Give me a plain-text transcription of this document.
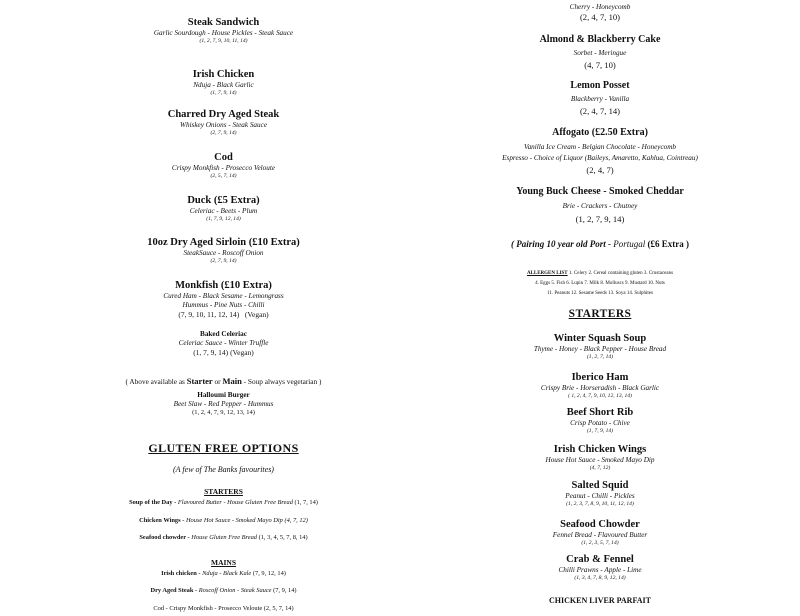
Steak Sandwich
Garlic Sourdough - House Pickles - Steak Sauce
(1, 2, 7, 9, 10, 11, 14)
Irish Chicken
Nduja - Black Garlic
(1, 7, 9, 14)
Charred Dry Aged Steak
Whiskey Onions - Steak Sauce
(2, 7, 9, 14)
Cod
Crispy Monkfish - Prosecco Veloute
(2, 5, 7, 14)
Duck (£5 Extra)
Celeriac - Beets - Plum
(1, 7, 9, 12, 14)
10oz Dry Aged Sirloin (£10 Extra)
SteakSauce - Roscoff Onion
(2, 7, 9, 14)
Monkfish (£10 Extra)
Cured Ham - Black Sesame - Lemongrass
Hummus - Pine Nuts - Chilli
(7, 9, 10, 11, 12, 14) (Vegan)
Baked Celeriac
Celeriac Sauce - Winter Truffle
(1, 7, 9, 14) (Vegan)
( Above available as Starter or Main - Soup always vegetarian )
Halloumi Burger
Beet Slaw - Red Pepper - Hummus
(1, 2, 4, 7, 9, 12, 13, 14)
GLUTEN FREE OPTIONS
(A few of The Banks favourites)
STARTERS
Soup of the Day - Flavoured Butter - House Gluten Free Bread (1, 7, 14)
Chicken Wings - House Hot Sauce - Smoked Mayo Dip (4, 7, 12)
Seafood chowder - House Gluten Free Bread (1, 3, 4, 5, 7, 8, 14)
MAINS
Irish chicken - Nduja - Black Kale (7, 9, 12, 14)
Dry Aged Steak - Roscoff Onion - Steak Sauce (7, 9, 14)
Cod - Crispy Monkfish - Prosecco Veloute (2, 5, 7, 14)
Cherry - Honeycomb
(2, 4, 7, 10)
Almond & Blackberry Cake
Sorbet - Meringue
(4, 7, 10)
Lemon Posset
Blackberry - Vanilla
(2, 4, 7, 14)
Affogato (£2.50 Extra)
Vanilla Ice Cream - Belgian Chocolate - Honeycomb
Espresso - Choice of Liquor (Baileys, Amaretto, Kahlua, Cointreau)
(2, 4, 7)
Young Buck Cheese - Smoked Cheddar
Brie - Crackers - Chutney
(1, 2, 7, 9, 14)
( Pairing 10 year old Port - Portugal (£6 Extra )
ALLERGEN LIST 1. Celery 2. Cereal containing gluten 3. Crustaceans
4. Eggs 5. Fish 6. Lupin 7. Milk 8. Molluscs 9. Mustard 10. Nuts
11. Peanuts 12. Sesame Seeds 13. Soya 14. Sulphites
STARTERS
Winter Squash Soup
Thyme - Honey - Black Pepper - House Bread
(1, 2, 7, 14)
Iberico Ham
Crispy Brie - Horseradish - Black Garlic
( 1, 2, 4, 7, 9, 10, 12, 13, 14)
Beef Short Rib
Crisp Potato - Chive
(1, 7, 9, 14)
Irish Chicken Wings
House Hot Sauce - Smoked Mayo Dip
(4, 7, 12)
Salted Squid
Peanut - Chilli - Pickles
(1, 2, 3, 7, 8, 9, 10, 11, 12, 14)
Seafood Chowder
Fennel Bread - Flavoured Butter
(1, 2, 3, 5, 7, 14)
Crab & Fennel
Chilli Prawns - Apple - Lime
(1, 3, 4, 7, 8, 9, 12, 14)
CHICKEN LIVER PARFAIT
